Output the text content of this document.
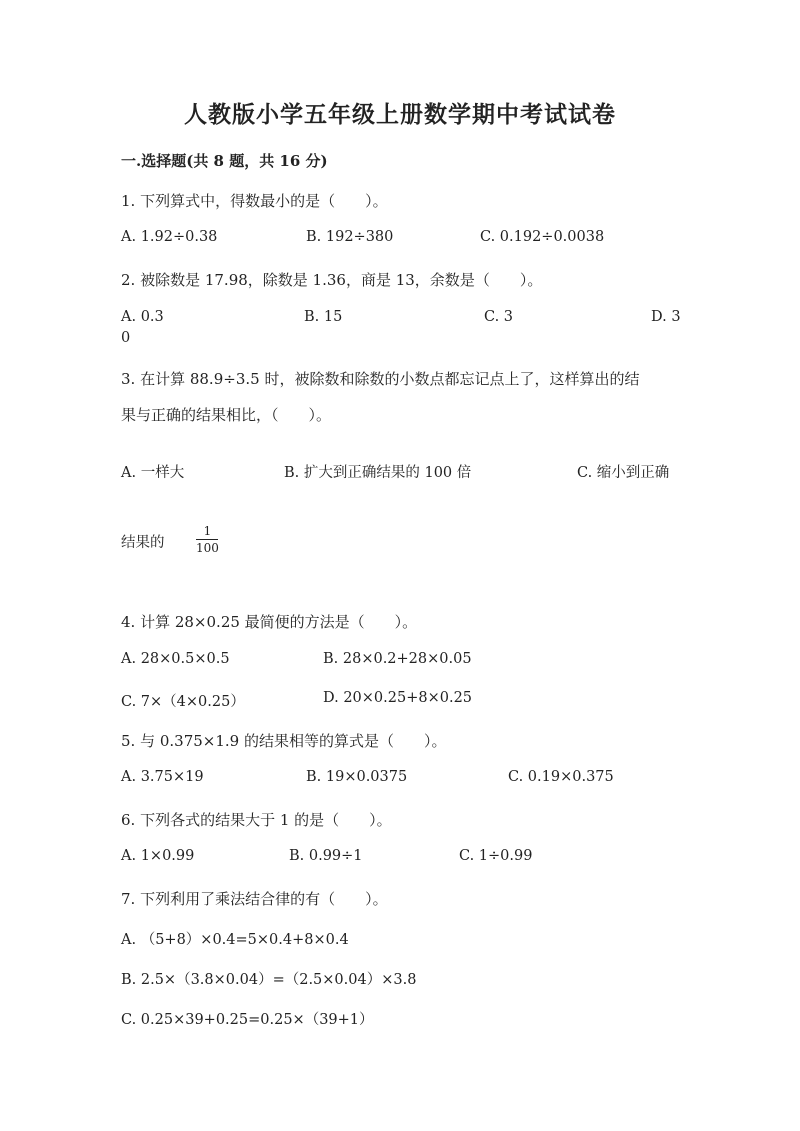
人教版小学五年级上册数学期中考试试卷
一.选择题(共 8 题，共 16 分)
1. 下列算式中，得数最小的是（　　）。
A. 1.92÷0.38	B. 192÷380	C. 0.192÷0.0038
2. 被除数是 17.98，除数是 1.36，商是 13，余数是（　　）。
A. 0.3	B. 15	C. 3	D. 3
0
3. 在计算 88.9÷3.5 时，被除数和除数的小数点都忘记点上了，这样算出的结
果与正确的结果相比，（　　）。
A. 一样大	B. 扩大到正确结果的 100 倍	C. 缩小到正确
结果的
1
100
4. 计算 28×0.25 最简便的方法是（　　）。
A. 28×0.5×0.5	B. 28×0.2+28×0.05
C. 7×（4×0.25）	D. 20×0.25+8×0.25
5. 与 0.375×1.9 的结果相等的算式是（　　）。
A. 3.75×19	B. 19×0.0375	C. 0.19×0.375
6. 下列各式的结果大于 1 的是（　　）。
A. 1×0.99	B. 0.99÷1	C. 1÷0.99
7. 下列利用了乘法结合律的有（　　）。
A. （5+8）×0.4=5×0.4+8×0.4
B. 2.5×（3.8×0.04）=（2.5×0.04）×3.8
C. 0.25×39+0.25=0.25×（39+1）
